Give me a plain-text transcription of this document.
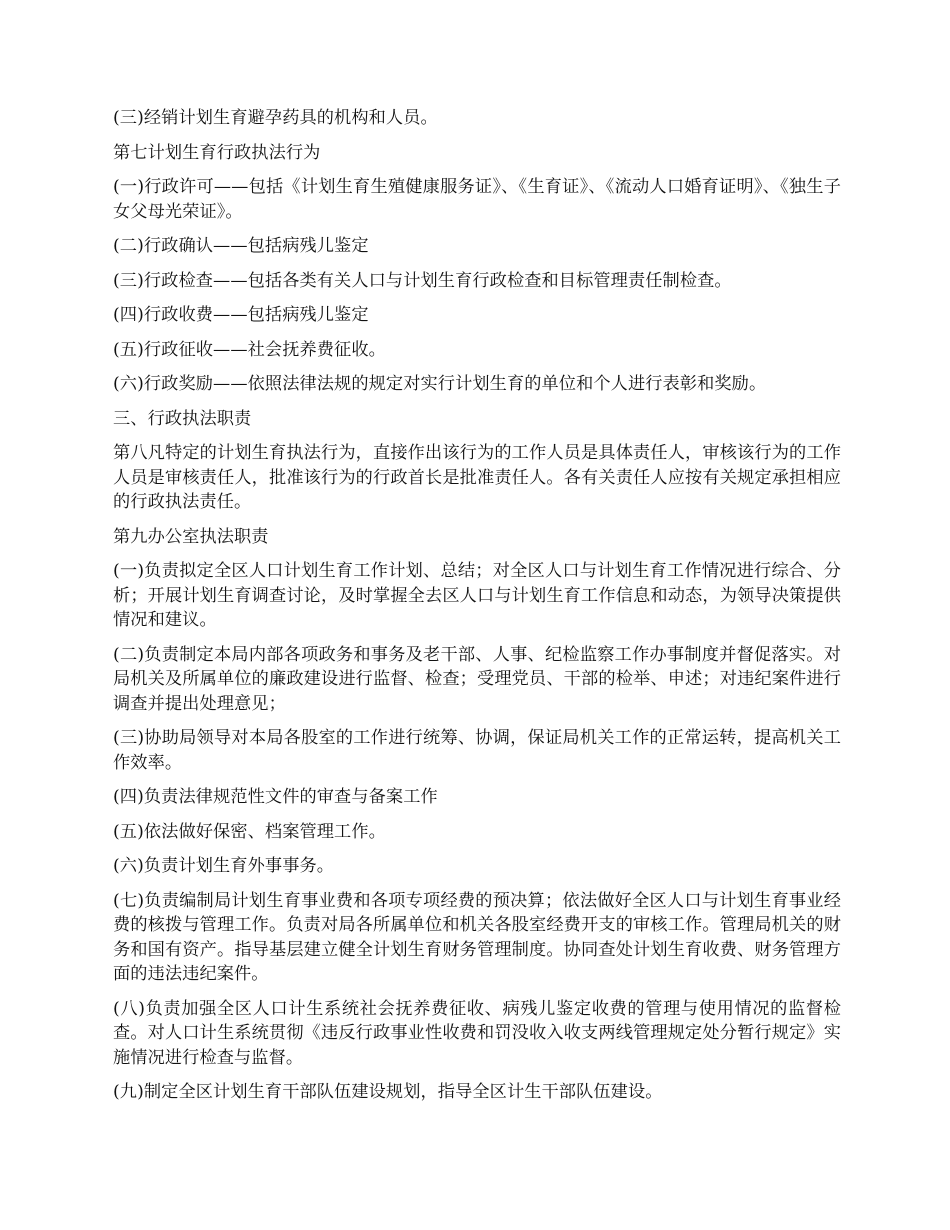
(三)经销计划生育避孕药具的机构和人员。

第七计划生育行政执法行为

(一)行政许可——包括《计划生育生殖健康服务证》、《生育证》、《流动人口婚育证明》、《独生子女父母光荣证》。

(二)行政确认——包括病残儿鉴定

(三)行政检查——包括各类有关人口与计划生育行政检查和目标管理责任制检查。

(四)行政收费——包括病残儿鉴定

(五)行政征收——社会抚养费征收。

(六)行政奖励——依照法律法规的规定对实行计划生育的单位和个人进行表彰和奖励。

三、行政执法职责

第八凡特定的计划生育执法行为，直接作出该行为的工作人员是具体责任人，审核该行为的工作人员是审核责任人，批准该行为的行政首长是批准责任人。各有关责任人应按有关规定承担相应的行政执法责任。

第九办公室执法职责

(一)负责拟定全区人口计划生育工作计划、总结；对全区人口与计划生育工作情况进行综合、分析；开展计划生育调查讨论，及时掌握全去区人口与计划生育工作信息和动态，为领导决策提供情况和建议。

(二)负责制定本局内部各项政务和事务及老干部、人事、纪检监察工作办事制度并督促落实。对局机关及所属单位的廉政建设进行监督、检查；受理党员、干部的检举、申述；对违纪案件进行调查并提出处理意见；

(三)协助局领导对本局各股室的工作进行统筹、协调，保证局机关工作的正常运转，提高机关工作效率。

(四)负责法律规范性文件的审查与备案工作

(五)依法做好保密、档案管理工作。

(六)负责计划生育外事事务。

(七)负责编制局计划生育事业费和各项专项经费的预决算；依法做好全区人口与计划生育事业经费的核拨与管理工作。负责对局各所属单位和机关各股室经费开支的审核工作。管理局机关的财务和国有资产。指导基层建立健全计划生育财务管理制度。协同查处计划生育收费、财务管理方面的违法违纪案件。

(八)负责加强全区人口计生系统社会抚养费征收、病残儿鉴定收费的管理与使用情况的监督检查。对人口计生系统贯彻《违反行政事业性收费和罚没收入收支两线管理规定处分暂行规定》实施情况进行检查与监督。

(九)制定全区计划生育干部队伍建设规划，指导全区计生干部队伍建设。
